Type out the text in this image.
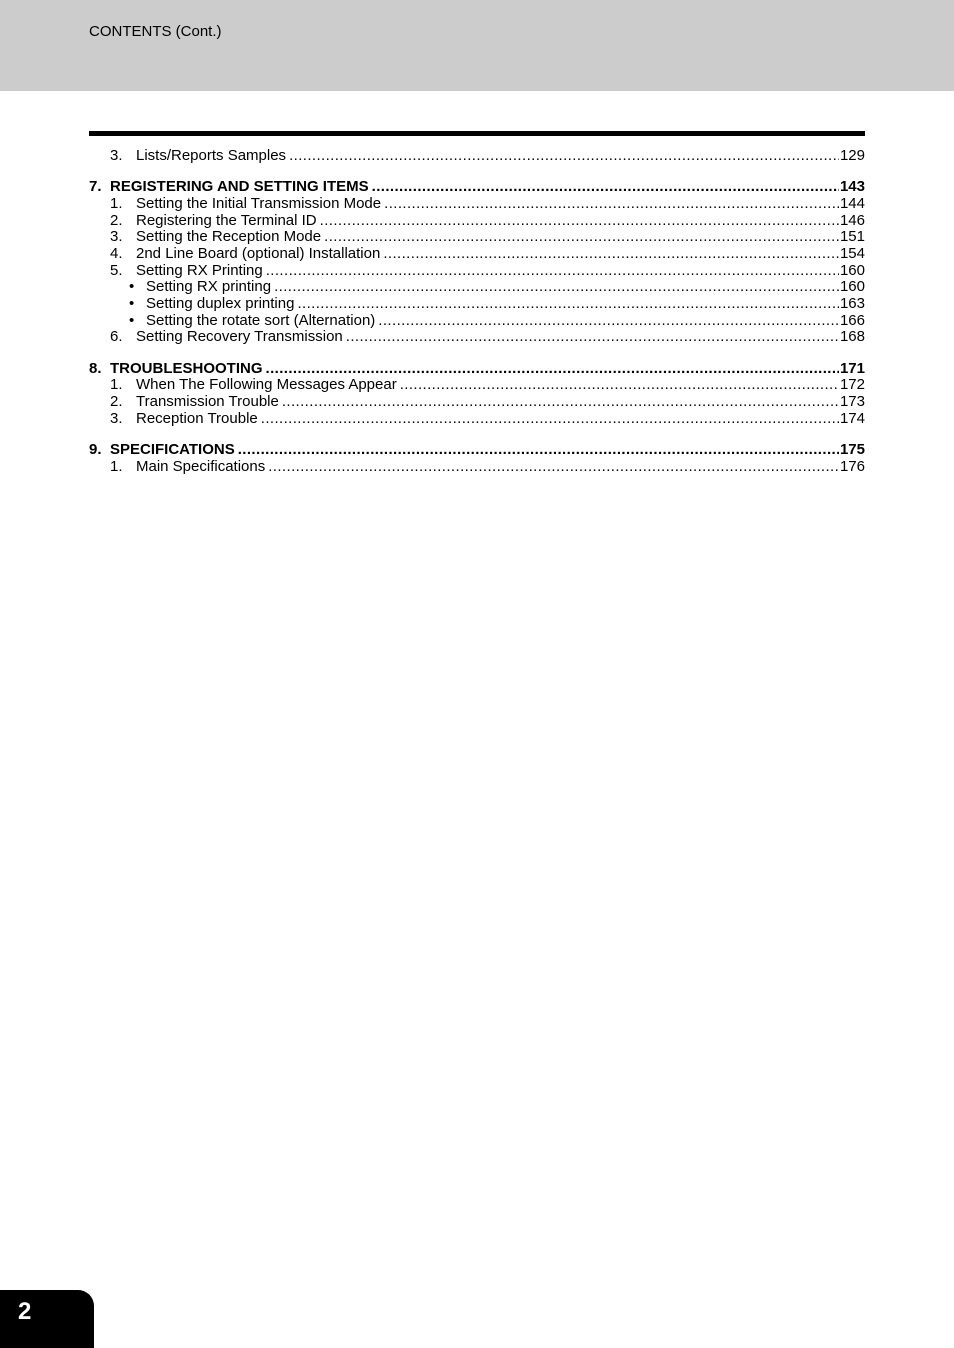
CONTENTS (Cont.)
3. Lists/Reports Samples .....	129
7. REGISTERING AND SETTING ITEMS .....	143
1. Setting the Initial Transmission Mode .....	144
2. Registering the Terminal ID .....	146
3. Setting the Reception Mode .....	151
4. 2nd Line Board (optional) Installation .....	154
5. Setting RX Printing .....	160
• Setting RX printing .....	160
• Setting duplex printing .....	163
• Setting the rotate sort (Alternation) .....	166
6. Setting Recovery Transmission .....	168
8. TROUBLESHOOTING .....	171
1. When The Following Messages Appear .....	172
2. Transmission Trouble .....	173
3. Reception Trouble .....	174
9. SPECIFICATIONS .....	175
1. Main Specifications .....	176
2
